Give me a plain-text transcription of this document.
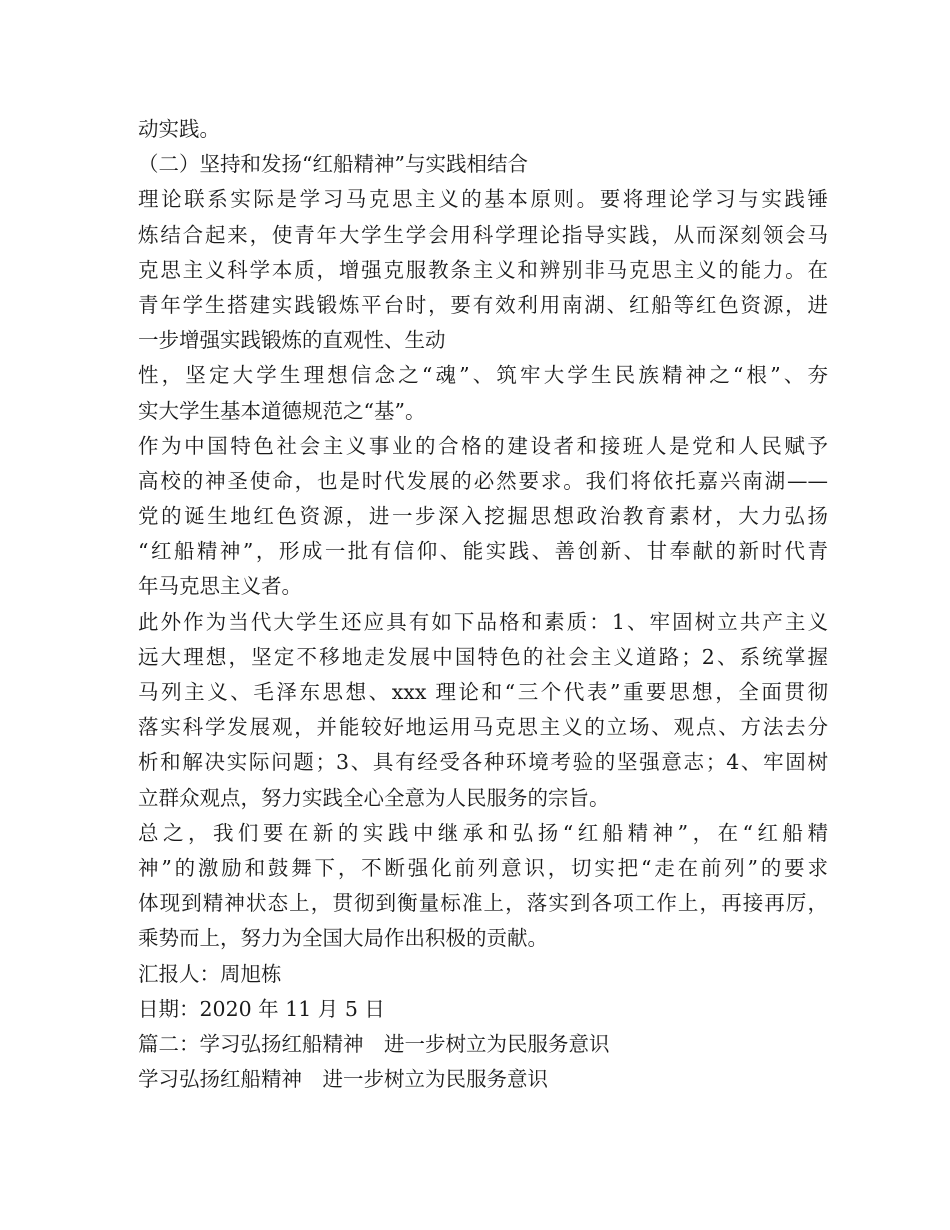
动实践。
（二）坚持和发扬“红船精神”与实践相结合
理论联系实际是学习马克思主义的基本原则。要将理论学习与实践锤
炼结合起来，使青年大学生学会用科学理论指导实践，从而深刻领会马
克思主义科学本质，增强克服教条主义和辨别非马克思主义的能力。在
青年学生搭建实践锻炼平台时，要有效利用南湖、红船等红色资源，进
一步增强实践锻炼的直观性、生动
性，坚定大学生理想信念之“魂”、筑牢大学生民族精神之“根”、夯
实大学生基本道德规范之“基”。
作为中国特色社会主义事业的合格的建设者和接班人是党和人民赋予
高校的神圣使命，也是时代发展的必然要求。我们将依托嘉兴南湖——
党的诞生地红色资源，进一步深入挖掘思想政治教育素材，大力弘扬
“红船精神”，形成一批有信仰、能实践、善创新、甘奉献的新时代青
年马克思主义者。
此外作为当代大学生还应具有如下品格和素质：1、牢固树立共产主义
远大理想，坚定不移地走发展中国特色的社会主义道路；2、系统掌握
马列主义、毛泽东思想、xxx 理论和“三个代表”重要思想，全面贯彻
落实科学发展观，并能较好地运用马克思主义的立场、观点、方法去分
析和解决实际问题；3、具有经受各种环境考验的坚强意志；4、牢固树
立群众观点，努力实践全心全意为人民服务的宗旨。
总之，我们要在新的实践中继承和弘扬“红船精神”，在“红船精
神”的激励和鼓舞下，不断强化前列意识，切实把“走在前列”的要求
体现到精神状态上，贯彻到衡量标准上，落实到各项工作上，再接再厉，
乘势而上，努力为全国大局作出积极的贡献。
汇报人：周旭栋
日期：2020 年 11 月 5 日
篇二：学习弘扬红船精神　进一步树立为民服务意识
学习弘扬红船精神　进一步树立为民服务意识
